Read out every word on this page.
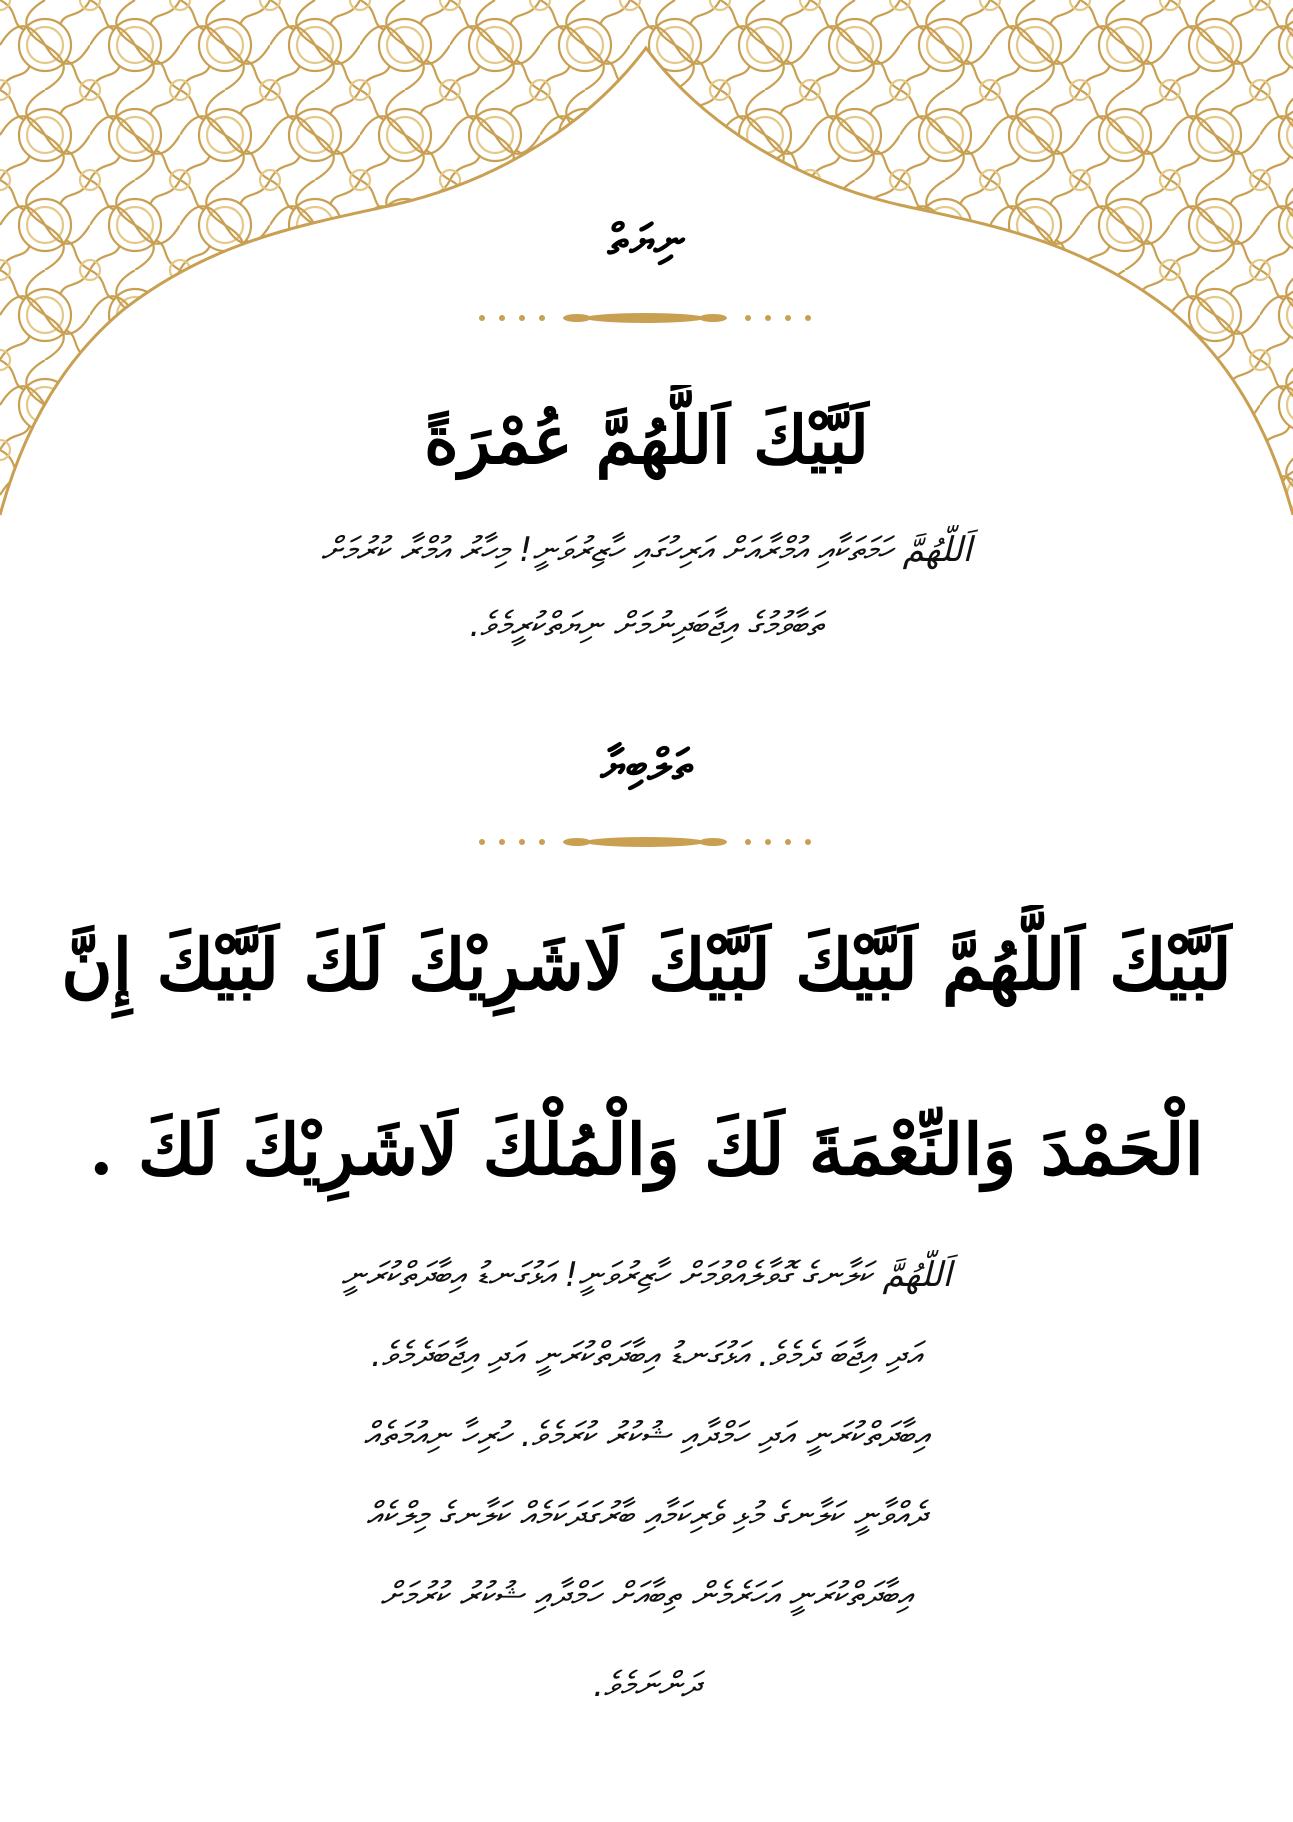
ނިޔަތް
لَبَّيْكَ اَللَّهُمَّ عُمْرَةً
اَللَّهُمَّ ހަމަތަކާއި އުމްރާއަށް އަރިހުގައި ހާޒިރުވަނީ! މިހާރު އުމްރާ ކުރުމަށް
ތަބާވުމުގެ އިޖާބަދިނުމަށް ނިޔަތްކުރީމެވެ.
ތަލްބިޔާ
لَبَّيْكَ اَللَّهُمَّ لَبَّيْكَ لَبَّيْكَ لَاشَرِيْكَ لَكَ لَبَّيْكَ إِنَّ
الْحَمْدَ وَالنِّعْمَةَ لَكَ وَالْمُلْكَ لَاشَرِيْكَ لَكَ .
اَللَّهُمَّ ކަލާނގެ ގޮވާލެއްވުމަށް ހާޒިރުވަނީ! އަޅުގަނޑު އިބާދަތްކުރަނީ
އަދި އިޖާބަ ދެމެވެ. އަޅުގަނޑު އިބާދަތްކުރަނީ އަދި އިޖާބަދެމެވެ.
އިބާދަތްކުރަނީ އަދި ހަމްދާއި ޝުކުރު ކުރަމެވެ. ހުރިހާ ނިއުމަތެއް
ދެއްވާނީ ކަލާނގެ މުޅި ވެރިކަމާއި ބާރުގަދަކަމެއް ކަލާނގެ މިލްކެއް
އިބާދަތްކުރަނީ އަހަރެމެން ތިބާއަށް ހަމްދާއި ޝުކުރު ކުރުމަށް
ދަންނަމެވެ.
